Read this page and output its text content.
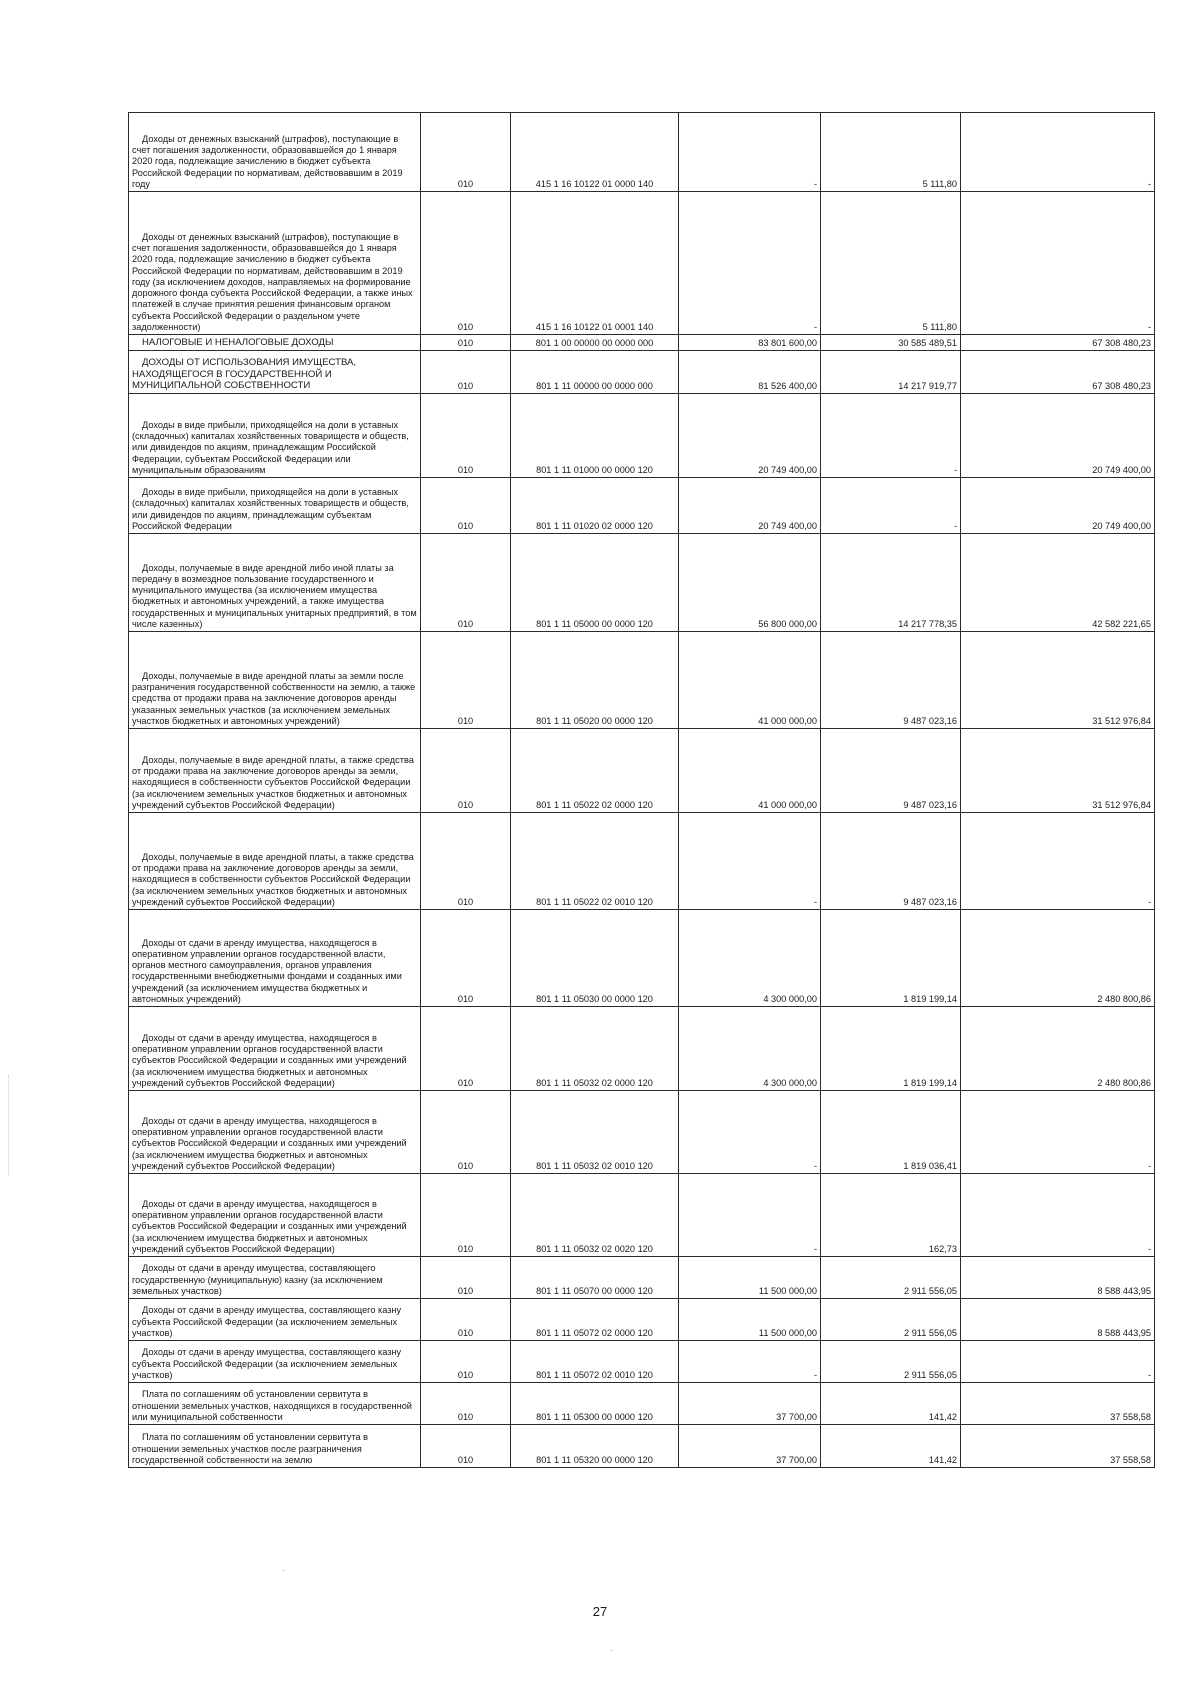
Доходы от денежных взысканий (штрафов), поступающие в счет погашения задолженности, образовавшейся до 1 января 2020 года, подлежащие зачислению в бюджет субъекта Российской Федерации по нормативам, действовавшим в 2019 году	010	415 1 16 10122 01 0000 140	-	5 111,80	-

Доходы от денежных взысканий (штрафов), поступающие в счет погашения задолженности, образовавшейся до 1 января 2020 года, подлежащие зачислению в бюджет субъекта Российской Федерации по нормативам, действовавшим в 2019 году (за исключением доходов, направляемых на формирование дорожного фонда субъекта Российской Федерации, а также иных платежей в случае принятия решения финансовым органом субъекта Российской Федерации о раздельном учете задолженности)	010	415 1 16 10122 01 0001 140	-	5 111,80	-

НАЛОГОВЫЕ И НЕНАЛОГОВЫЕ ДОХОДЫ	010	801 1 00 00000 00 0000 000	83 801 600,00	30 585 489,51	67 308 480,23

ДОХОДЫ ОТ ИСПОЛЬЗОВАНИЯ ИМУЩЕСТВА, НАХОДЯЩЕГОСЯ В ГОСУДАРСТВЕННОЙ И МУНИЦИПАЛЬНОЙ СОБСТВЕННОСТИ	010	801 1 11 00000 00 0000 000	81 526 400,00	14 217 919,77	67 308 480,23

Доходы в виде прибыли, приходящейся на доли в уставных (складочных) капиталах хозяйственных товариществ и обществ, или дивидендов по акциям, принадлежащим Российской Федерации, субъектам Российской Федерации или муниципальным образованиям	010	801 1 11 01000 00 0000 120	20 749 400,00	-	20 749 400,00

Доходы в виде прибыли, приходящейся на доли в уставных (складочных) капиталах хозяйственных товариществ и обществ, или дивидендов по акциям, принадлежащим субъектам Российской Федерации	010	801 1 11 01020 02 0000 120	20 749 400,00	-	20 749 400,00

Доходы, получаемые в виде арендной либо иной платы за передачу в возмездное пользование государственного и муниципального имущества (за исключением имущества бюджетных и автономных учреждений, а также имущества государственных и муниципальных унитарных предприятий, в том числе казенных)	010	801 1 11 05000 00 0000 120	56 800 000,00	14 217 778,35	42 582 221,65

Доходы, получаемые в виде арендной платы за земли после разграничения государственной собственности на землю, а также средства от продажи права на заключение договоров аренды указанных земельных участков (за исключением земельных участков бюджетных и автономных учреждений)	010	801 1 11 05020 00 0000 120	41 000 000,00	9 487 023,16	31 512 976,84

Доходы, получаемые в виде арендной платы, а также средства от продажи права на заключение договоров аренды за земли, находящиеся в собственности субъектов Российской Федерации (за исключением земельных участков бюджетных и автономных учреждений субъектов Российской Федерации)	010	801 1 11 05022 02 0000 120	41 000 000,00	9 487 023,16	31 512 976,84

Доходы, получаемые в виде арендной платы, а также средства от продажи права на заключение договоров аренды за земли, находящиеся в собственности субъектов Российской Федерации (за исключением земельных участков бюджетных и автономных учреждений субъектов Российской Федерации)	010	801 1 11 05022 02 0010 120	-	9 487 023,16	-

Доходы от сдачи в аренду имущества, находящегося в оперативном управлении органов государственной власти, органов местного самоуправления, органов управления государственными внебюджетными фондами и созданных ими учреждений (за исключением имущества бюджетных и автономных учреждений)	010	801 1 11 05030 00 0000 120	4 300 000,00	1 819 199,14	2 480 800,86

Доходы от сдачи в аренду имущества, находящегося в оперативном управлении органов государственной власти субъектов Российской Федерации и созданных ими учреждений (за исключением имущества бюджетных и автономных учреждений субъектов Российской Федерации)	010	801 1 11 05032 02 0000 120	4 300 000,00	1 819 199,14	2 480 800,86

Доходы от сдачи в аренду имущества, находящегося в оперативном управлении органов государственной власти субъектов Российской Федерации и созданных ими учреждений (за исключением имущества бюджетных и автономных учреждений субъектов Российской Федерации)	010	801 1 11 05032 02 0010 120	-	1 819 036,41	-

Доходы от сдачи в аренду имущества, находящегося в оперативном управлении органов государственной власти субъектов Российской Федерации и созданных ими учреждений (за исключением имущества бюджетных и автономных учреждений субъектов Российской Федерации)	010	801 1 11 05032 02 0020 120	-	162,73	-

Доходы от сдачи в аренду имущества, составляющего государственную (муниципальную) казну (за исключением земельных участков)	010	801 1 11 05070 00 0000 120	11 500 000,00	2 911 556,05	8 588 443,95

Доходы от сдачи в аренду имущества, составляющего казну субъекта Российской Федерации (за исключением земельных участков)	010	801 1 11 05072 02 0000 120	11 500 000,00	2 911 556,05	8 588 443,95

Доходы от сдачи в аренду имущества, составляющего казну субъекта Российской Федерации (за исключением земельных участков)	010	801 1 11 05072 02 0010 120	-	2 911 556,05	-

Плата по соглашениям об установлении сервитута в отношении земельных участков, находящихся в государственной или муниципальной собственности	010	801 1 11 05300 00 0000 120	37 700,00	141,42	37 558,58

Плата по соглашениям об установлении сервитута в отношении земельных участков после разграничения государственной собственности на землю	010	801 1 11 05320 00 0000 120	37 700,00	141,42	37 558,58
27
